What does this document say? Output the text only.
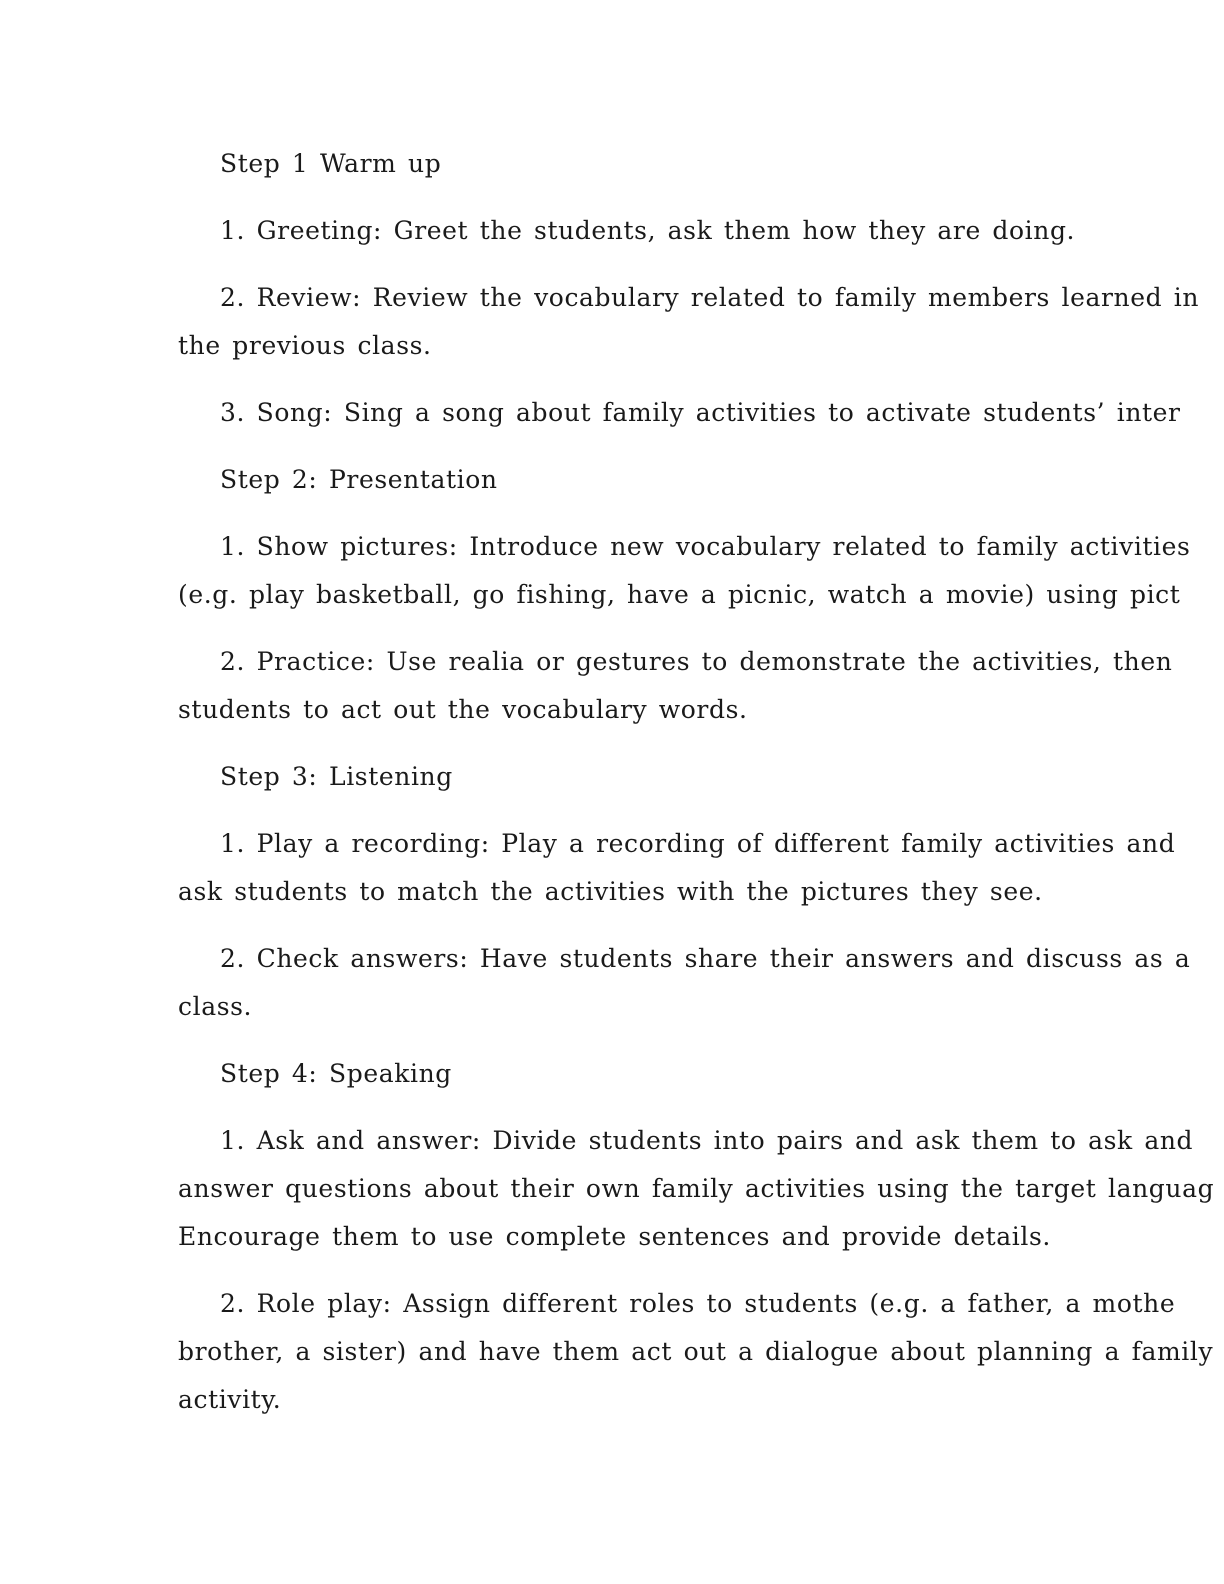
Step 1 Warm up

1. Greeting: Greet the students, ask them how they are doing.

2. Review: Review the vocabulary related to family members learned in
the previous class.

3. Song: Sing a song about family activities to activate students’ inter

Step 2: Presentation

1. Show pictures: Introduce new vocabulary related to family activities
(e.g. play basketball, go fishing, have a picnic, watch a movie) using pict

2. Practice: Use realia or gestures to demonstrate the activities, then
students to act out the vocabulary words.

Step 3: Listening

1. Play a recording: Play a recording of different family activities and
ask students to match the activities with the pictures they see.

2. Check answers: Have students share their answers and discuss as a
class.

Step 4: Speaking

1. Ask and answer: Divide students into pairs and ask them to ask and
answer questions about their own family activities using the target languag
Encourage them to use complete sentences and provide details.

2. Role play: Assign different roles to students (e.g. a father, a mothe
brother, a sister) and have them act out a dialogue about planning a family
activity.
